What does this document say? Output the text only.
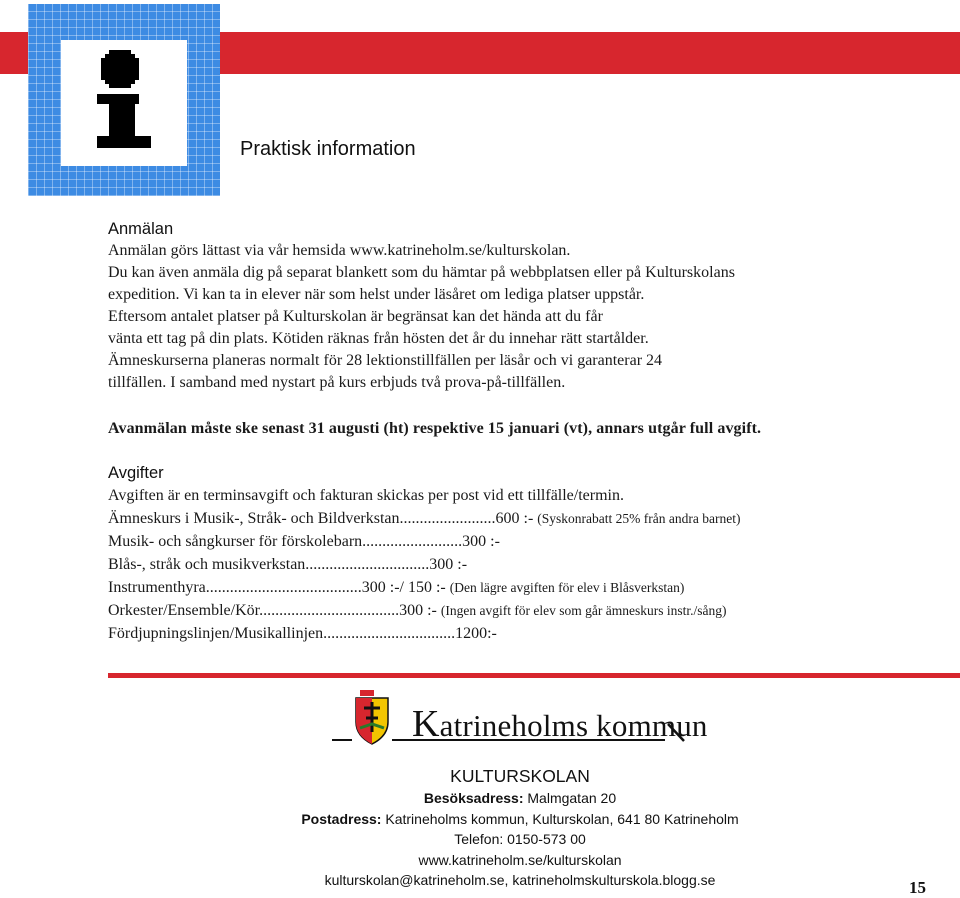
Praktisk information

Anmälan

Anmälan görs lättast via vår hemsida www.katrineholm.se/kulturskolan.

Du kan även anmäla dig på separat blankett som du hämtar på webbplatsen eller på Kulturskolans

expedition. Vi kan ta in elever när som helst under läsåret om lediga platser uppstår.

Eftersom antalet platser på Kulturskolan är begränsat kan det hända att du får

vänta ett tag på din plats. Kötiden räknas från hösten det år du innehar rätt startålder.

Ämneskurserna planeras normalt för 28 lektionstillfällen per läsår och vi garanterar 24

tillfällen. I samband med nystart på kurs erbjuds två prova-på-tillfällen.

Avanmälan måste ske senast 31 augusti (ht) respektive 15 januari (vt), annars utgår full avgift.

Avgifter

Avgiften är en terminsavgift och fakturan skickas per post vid ett tillfälle/termin.

Ämneskurs i Musik-, Stråk- och Bildverkstan........................600 :- (Syskonrabatt 25% från andra barnet)

Musik- och sångkurser för förskolebarn.........................300 :-

Blås-, stråk och musikverkstan...............................300 :-

Instrumenthyra.......................................300 :-/ 150 :- (Den lägre avgiften för elev i Blåsverkstan)

Orkester/Ensemble/Kör...................................300 :- (Ingen avgift för elev som går ämneskurs instr./sång)

Fördjupningslinjen/Musikallinjen.................................1200:-

Katrineholms kommun

KULTURSKOLAN

Besöksadress: Malmgatan 20

Postadress: Katrineholms kommun, Kulturskolan, 641 80 Katrineholm

Telefon: 0150-573 00

www.katrineholm.se/kulturskolan

kulturskolan@katrineholm.se, katrineholmskulturskola.blogg.se	15
